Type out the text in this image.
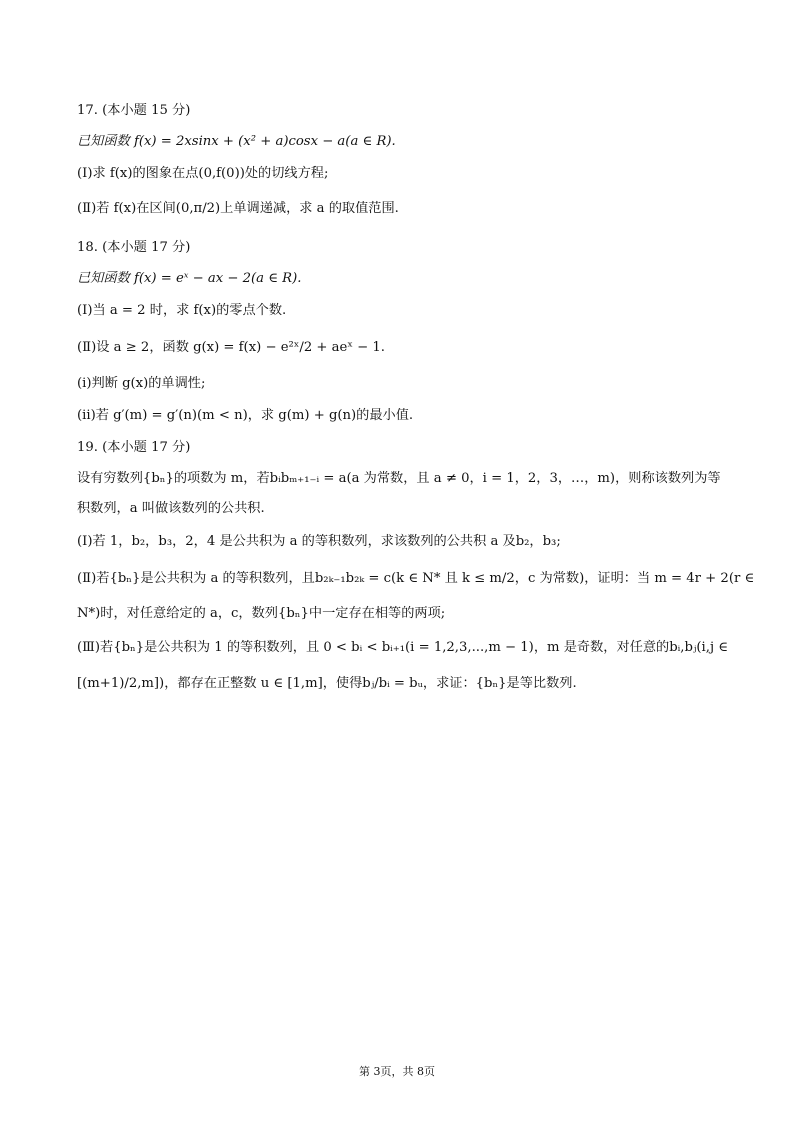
17. (本小题 15 分)
已知函数 f(x) = 2xsinx + (x² + a)cosx − a(a ∈ R).
(Ⅰ)求 f(x)的图象在点(0,f(0))处的切线方程;
(Ⅱ)若 f(x)在区间(0,π/2)上单调递减，求 a 的取值范围.
18. (本小题 17 分)
已知函数 f(x) = eˣ − ax − 2(a ∈ R).
(Ⅰ)当 a = 2 时，求 f(x)的零点个数.
(Ⅱ)设 a ≥ 2，函数 g(x) = f(x) − e²ˣ/2 + aeˣ − 1.
(i)判断 g(x)的单调性;
(ii)若 g′(m) = g′(n)(m < n)，求 g(m) + g(n)的最小值.
19. (本小题 17 分)
设有穷数列{bₙ}的项数为 m，若bᵢbₘ₊₁₋ᵢ = a(a 为常数，且 a ≠ 0，i = 1，2，3，…，m)，则称该数列为等
积数列，a 叫做该数列的公共积.
(Ⅰ)若 1，b₂，b₃，2，4 是公共积为 a 的等积数列，求该数列的公共积 a 及b₂，b₃;
(Ⅱ)若{bₙ}是公共积为 a 的等积数列，且b₂ₖ₋₁b₂ₖ = c(k ∈ N* 且 k ≤ m/2，c 为常数)，证明：当 m = 4r + 2(r ∈
N*)时，对任意给定的 a，c，数列{bₙ}中一定存在相等的两项;
(Ⅲ)若{bₙ}是公共积为 1 的等积数列，且 0 < bᵢ < bᵢ₊₁(i = 1,2,3,...,m − 1)，m 是奇数，对任意的bᵢ,bⱼ(i,j ∈
[(m+1)/2,m])，都存在正整数 u ∈ [1,m]，使得bⱼ/bᵢ = bᵤ，求证：{bₙ}是等比数列.
第 3页，共 8页
